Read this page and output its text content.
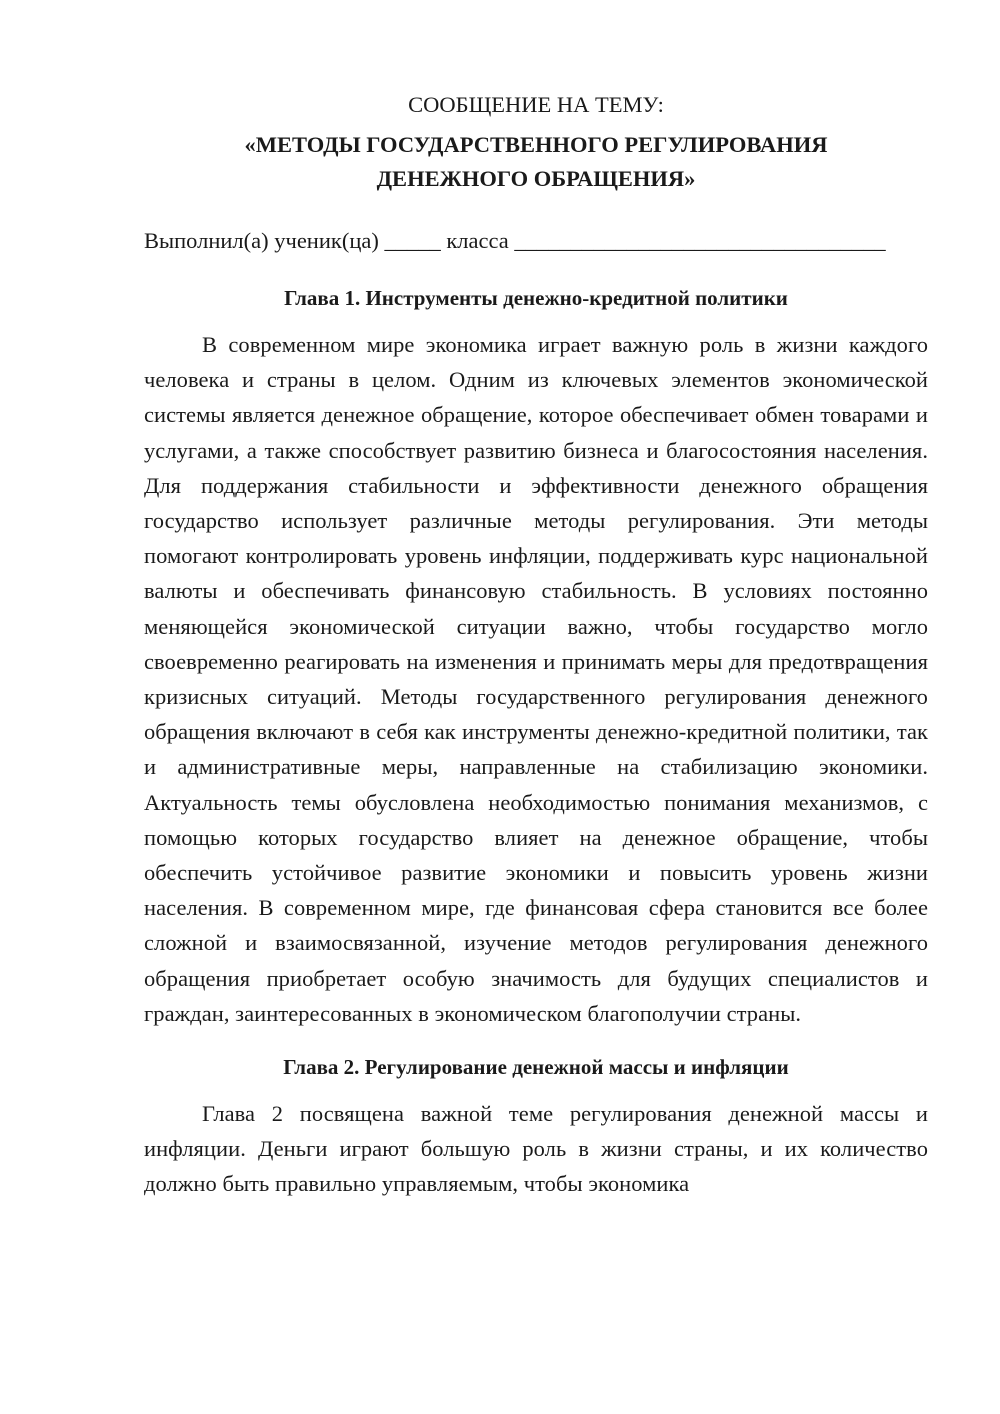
СООБЩЕНИЕ НА ТЕМУ:

«МЕТОДЫ ГОСУДАРСТВЕННОГО РЕГУЛИРОВАНИЯ

ДЕНЕЖНОГО ОБРАЩЕНИЯ»

Выполнил(а) ученик(ца) _____ класса _________________________________

Глава 1. Инструменты денежно-кредитной политики

В современном мире экономика играет важную роль в жизни каждого человека и страны в целом. Одним из ключевых элементов экономической системы является денежное обращение, которое обеспечивает обмен товарами и услугами, а также способствует развитию бизнеса и благосостояния населения. Для поддержания стабильности и эффективности денежного обращения государство использует различные методы регулирования. Эти методы помогают контролировать уровень инфляции, поддерживать курс национальной валюты и обеспечивать финансовую стабильность. В условиях постоянно меняющейся экономической ситуации важно, чтобы государство могло своевременно реагировать на изменения и принимать меры для предотвращения кризисных ситуаций. Методы государственного регулирования денежного обращения включают в себя как инструменты денежно-кредитной политики, так и административные меры, направленные на стабилизацию экономики. Актуальность темы обусловлена необходимостью понимания механизмов, с помощью которых государство влияет на денежное обращение, чтобы обеспечить устойчивое развитие экономики и повысить уровень жизни населения. В современном мире, где финансовая сфера становится все более сложной и взаимосвязанной, изучение методов регулирования денежного обращения приобретает особую значимость для будущих специалистов и граждан, заинтересованных в экономическом благополучии страны.

Глава 2. Регулирование денежной массы и инфляции

Глава 2 посвящена важной теме регулирования денежной массы и инфляции. Деньги играют большую роль в жизни страны, и их количество должно быть правильно управляемым, чтобы экономика
